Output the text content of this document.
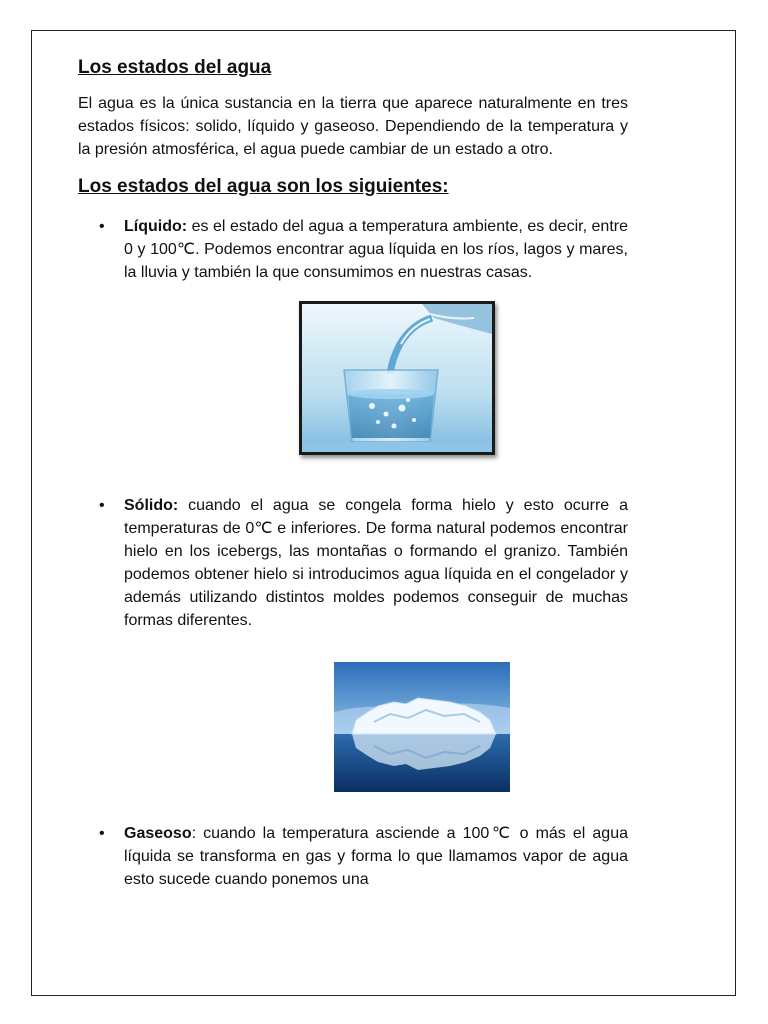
Los estados del agua

El agua es la única sustancia en la tierra que aparece naturalmente en tres estados físicos: solido, líquido y gaseoso. Dependiendo de la temperatura y la presión atmosférica, el agua puede cambiar de un estado a otro.

Los estados del agua son los siguientes:
• Líquido: es el estado del agua a temperatura ambiente, es decir, entre 0 y 100℃. Podemos encontrar agua líquida en los ríos, lagos y mares, la lluvia y también la que consumimos en nuestras casas.
• Sólido: cuando el agua se congela forma hielo y esto ocurre a temperaturas de 0℃ e inferiores. De forma natural podemos encontrar hielo en los icebergs, las montañas o formando el granizo. También podemos obtener hielo si introducimos agua líquida en el congelador y además utilizando distintos moldes podemos conseguir de muchas formas diferentes.
• Gaseoso: cuando la temperatura asciende a 100℃ o más el agua líquida se transforma en gas y forma lo que llamamos vapor de agua esto sucede cuando ponemos una
